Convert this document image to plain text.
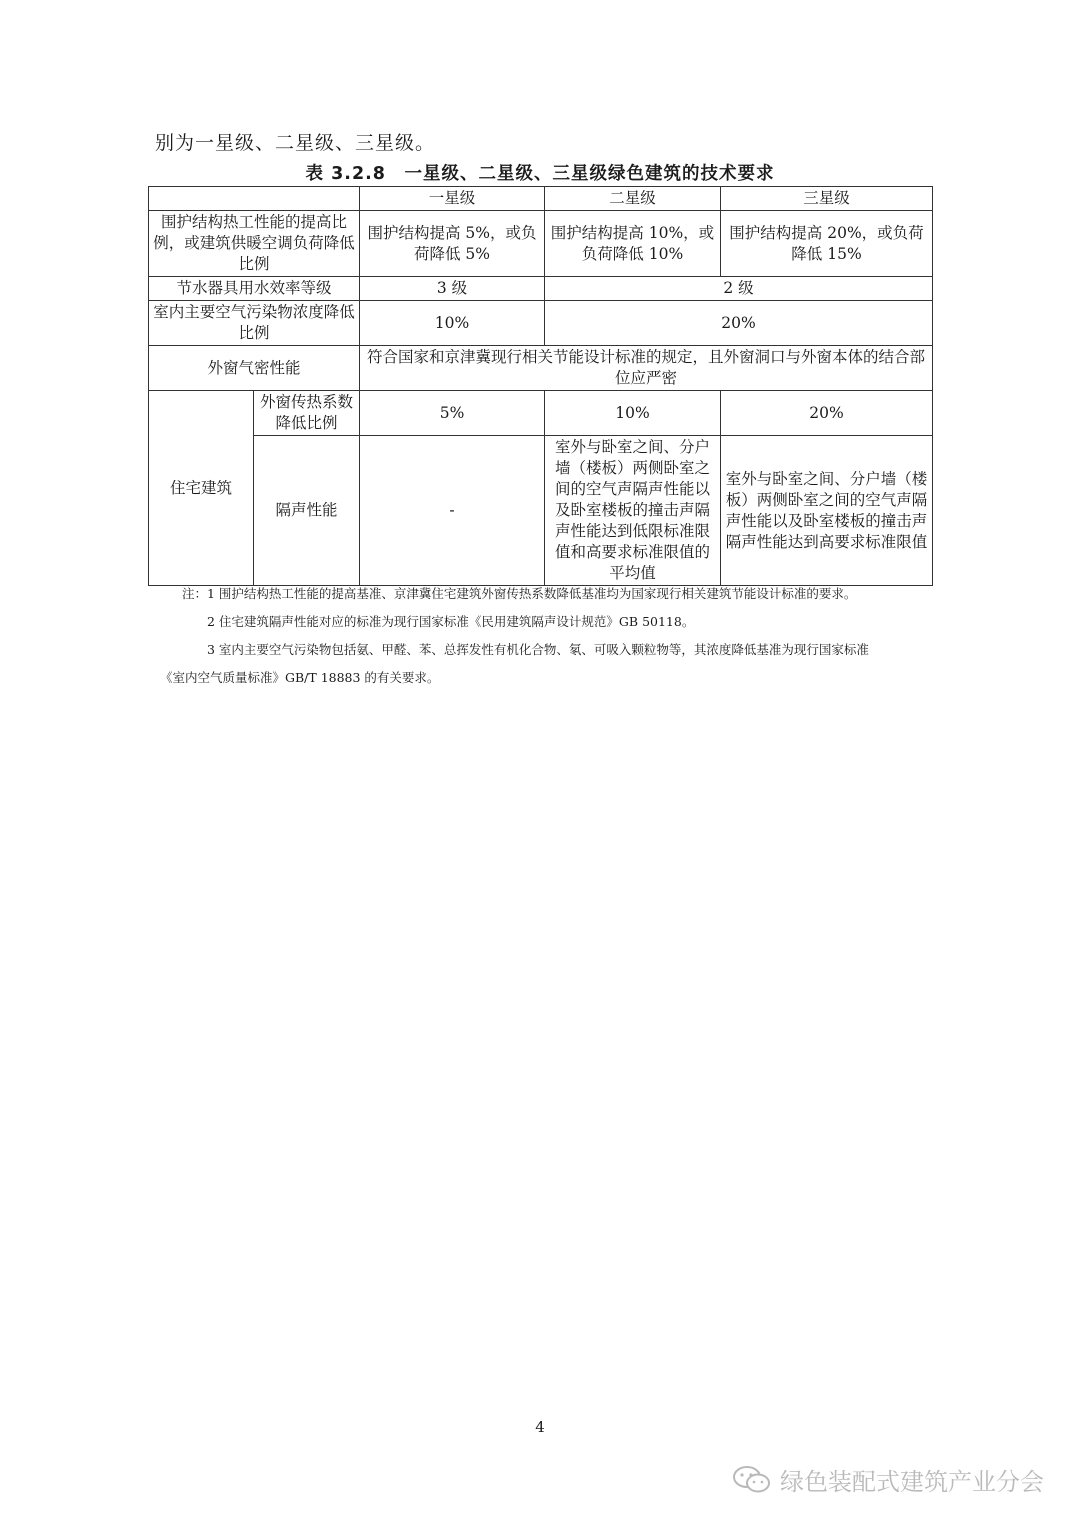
别为一星级、二星级、三星级。
表 3.2.8　一星级、二星级、三星级绿色建筑的技术要求
		一星级	二星级	三星级
围护结构热工性能的提高比例，或建筑供暖空调负荷降低比例		围护结构提高 5%，或负荷降低 5%	围护结构提高 10%，或负荷降低 10%	围护结构提高 20%，或负荷降低 15%
节水器具用水效率等级		3 级	2 级	
室内主要空气污染物浓度降低比例		10%	20%	
外窗气密性能		符合国家和京津冀现行相关节能设计标准的规定，且外窗洞口与外窗本体的结合部位应严密		
住宅建筑	外窗传热系数降低比例	5%	10%	20%
	隔声性能	-	室外与卧室之间、分户墙（楼板）两侧卧室之间的空气声隔声性能以及卧室楼板的撞击声隔声性能达到低限标准限值和高要求标准限值的平均值	室外与卧室之间、分户墙（楼板）两侧卧室之间的空气声隔声性能以及卧室楼板的撞击声隔声性能达到高要求标准限值
注：1 围护结构热工性能的提高基准、京津冀住宅建筑外窗传热系数降低基准均为国家现行相关建筑节能设计标准的要求。
2 住宅建筑隔声性能对应的标准为现行国家标准《民用建筑隔声设计规范》GB 50118。
3 室内主要空气污染物包括氨、甲醛、苯、总挥发性有机化合物、氡、可吸入颗粒物等，其浓度降低基准为现行国家标准
《室内空气质量标准》GB/T 18883 的有关要求。
4
绿色装配式建筑产业分会
